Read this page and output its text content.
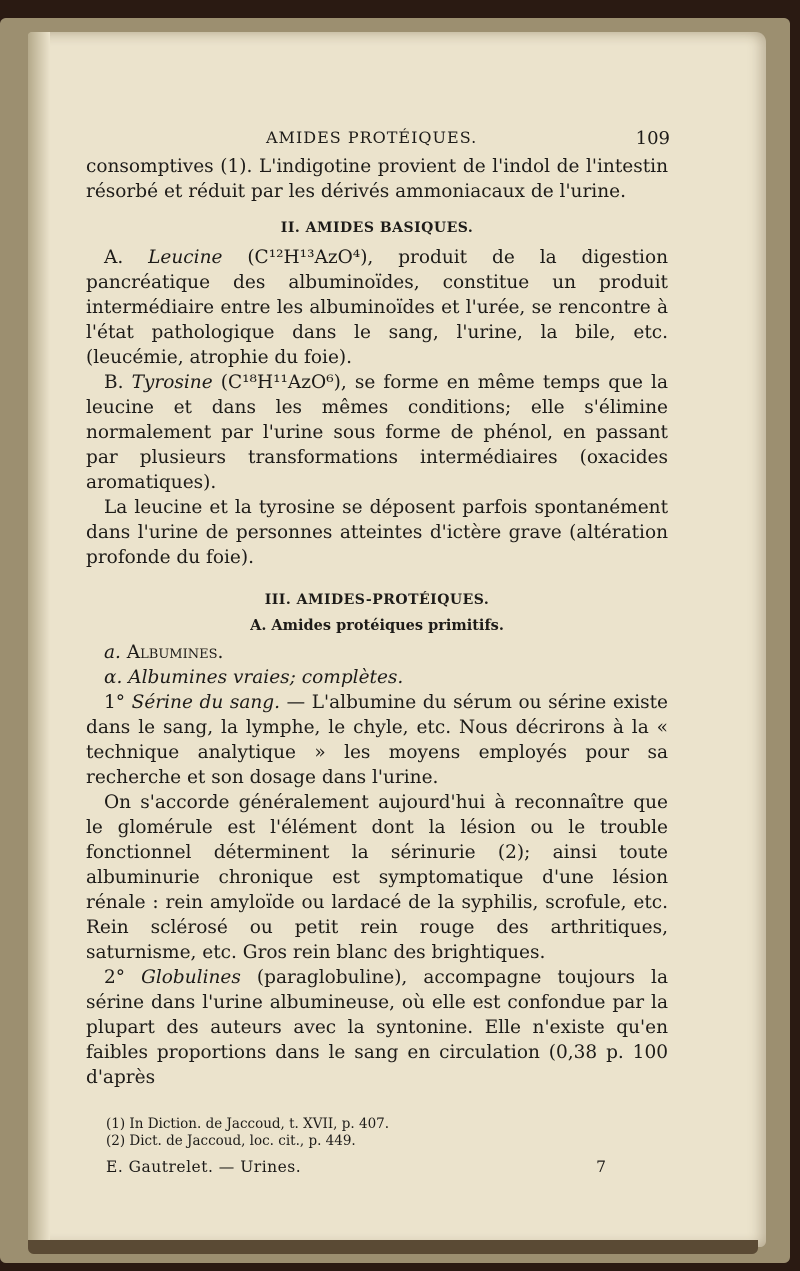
AMIDES PROTÉIQUES.	109

consomptives (1). L'indigotine provient de l'indol de l'intestin résorbé et réduit par les dérivés ammoniacaux de l'urine.

II. AMIDES BASIQUES.

A. Leucine (C¹²H¹³AzO⁴), produit de la digestion pancréatique des albuminoïdes, constitue un produit intermédiaire entre les albuminoïdes et l'urée, se rencontre à l'état pathologique dans le sang, l'urine, la bile, etc. (leucémie, atrophie du foie).

B. Tyrosine (C¹⁸H¹¹AzO⁶), se forme en même temps que la leucine et dans les mêmes conditions; elle s'élimine normalement par l'urine sous forme de phénol, en passant par plusieurs transformations intermédiaires (oxacides aromatiques).

La leucine et la tyrosine se déposent parfois spontanément dans l'urine de personnes atteintes d'ictère grave (altération profonde du foie).

III. AMIDES-PROTÉIQUES.
A. Amides protéiques primitifs.
a. Albumines.
α. Albumines vraies; complètes.

1° Sérine du sang. — L'albumine du sérum ou sérine existe dans le sang, la lymphe, le chyle, etc. Nous décrirons à la « technique analytique » les moyens employés pour sa recherche et son dosage dans l'urine.

On s'accorde généralement aujourd'hui à reconnaître que le glomérule est l'élément dont la lésion ou le trouble fonctionnel déterminent la sérinurie (2); ainsi toute albuminurie chronique est symptomatique d'une lésion rénale : rein amyloïde ou lardacé de la syphilis, scrofule, etc. Rein sclérosé ou petit rein rouge des arthritiques, saturnisme, etc. Gros rein blanc des brightiques.

2° Globulines (paraglobuline), accompagne toujours la sérine dans l'urine albumineuse, où elle est confondue par la plupart des auteurs avec la syntonine. Elle n'existe qu'en faibles proportions dans le sang en circulation (0,38 p. 100 d'après

(1) In Diction. de Jaccoud, t. XVII, p. 407.
(2) Dict. de Jaccoud, loc. cit., p. 449.
E. Gautrelet. — Urines.	7
